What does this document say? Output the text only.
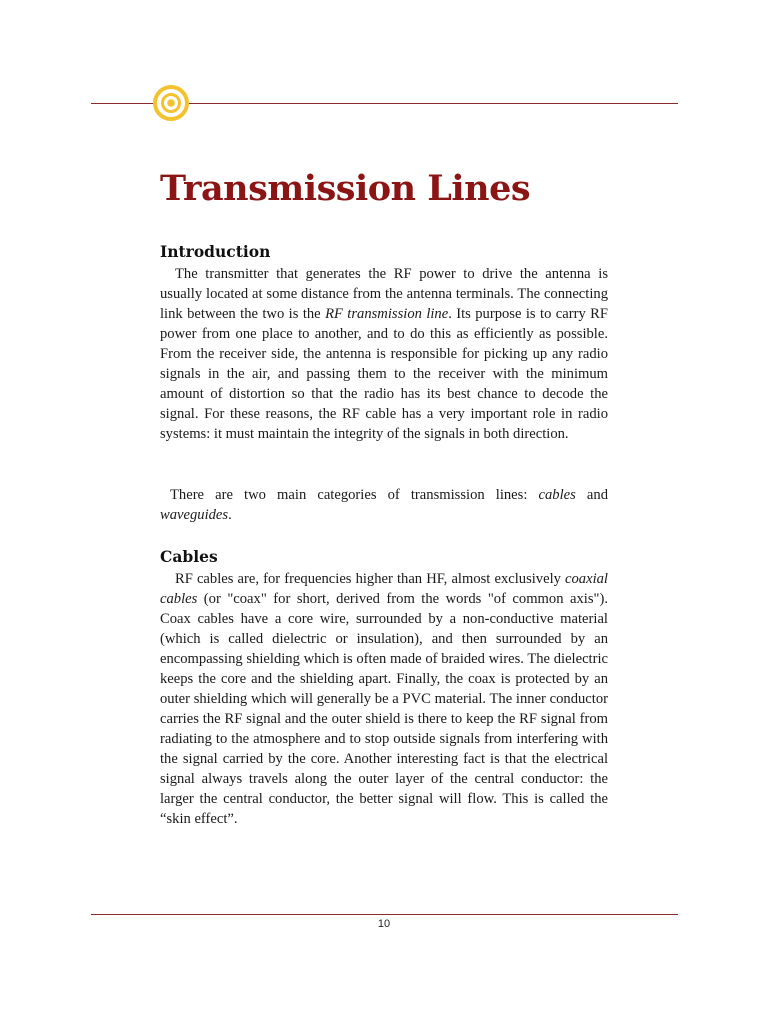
Transmission Lines
Introduction

The transmitter that generates the RF power to drive the antenna is usually located at some distance from the antenna terminals. The connecting link between the two is the RF transmission line. Its purpose is to carry RF power from one place to another, and to do this as efficiently as possible. From the receiver side, the antenna is responsible for picking up any radio signals in the air, and passing them to the receiver with the minimum amount of distortion so that the radio has its best chance to decode the signal. For these reasons, the RF cable has a very important role in radio systems: it must maintain the integrity of the signals in both direction.

There are two main categories of transmission lines: cables and waveguides.

Cables

RF cables are, for frequencies higher than HF, almost exclusively coaxial cables (or "coax" for short, derived from the words "of common axis"). Coax cables have a core wire, surrounded by a non-conductive material (which is called dielectric or insulation), and then surrounded by an encompassing shielding which is often made of braided wires. The dielectric keeps the core and the shielding apart. Finally, the coax is protected by an outer shielding which will generally be a PVC material. The inner conductor carries the RF signal and the outer shield is there to keep the RF signal from radiating to the atmosphere and to stop outside signals from interfering with the signal carried by the core. Another interesting fact is that the electrical signal always travels along the outer layer of the central conductor: the larger the central conductor, the better signal will flow. This is called the “skin effect”.

10
